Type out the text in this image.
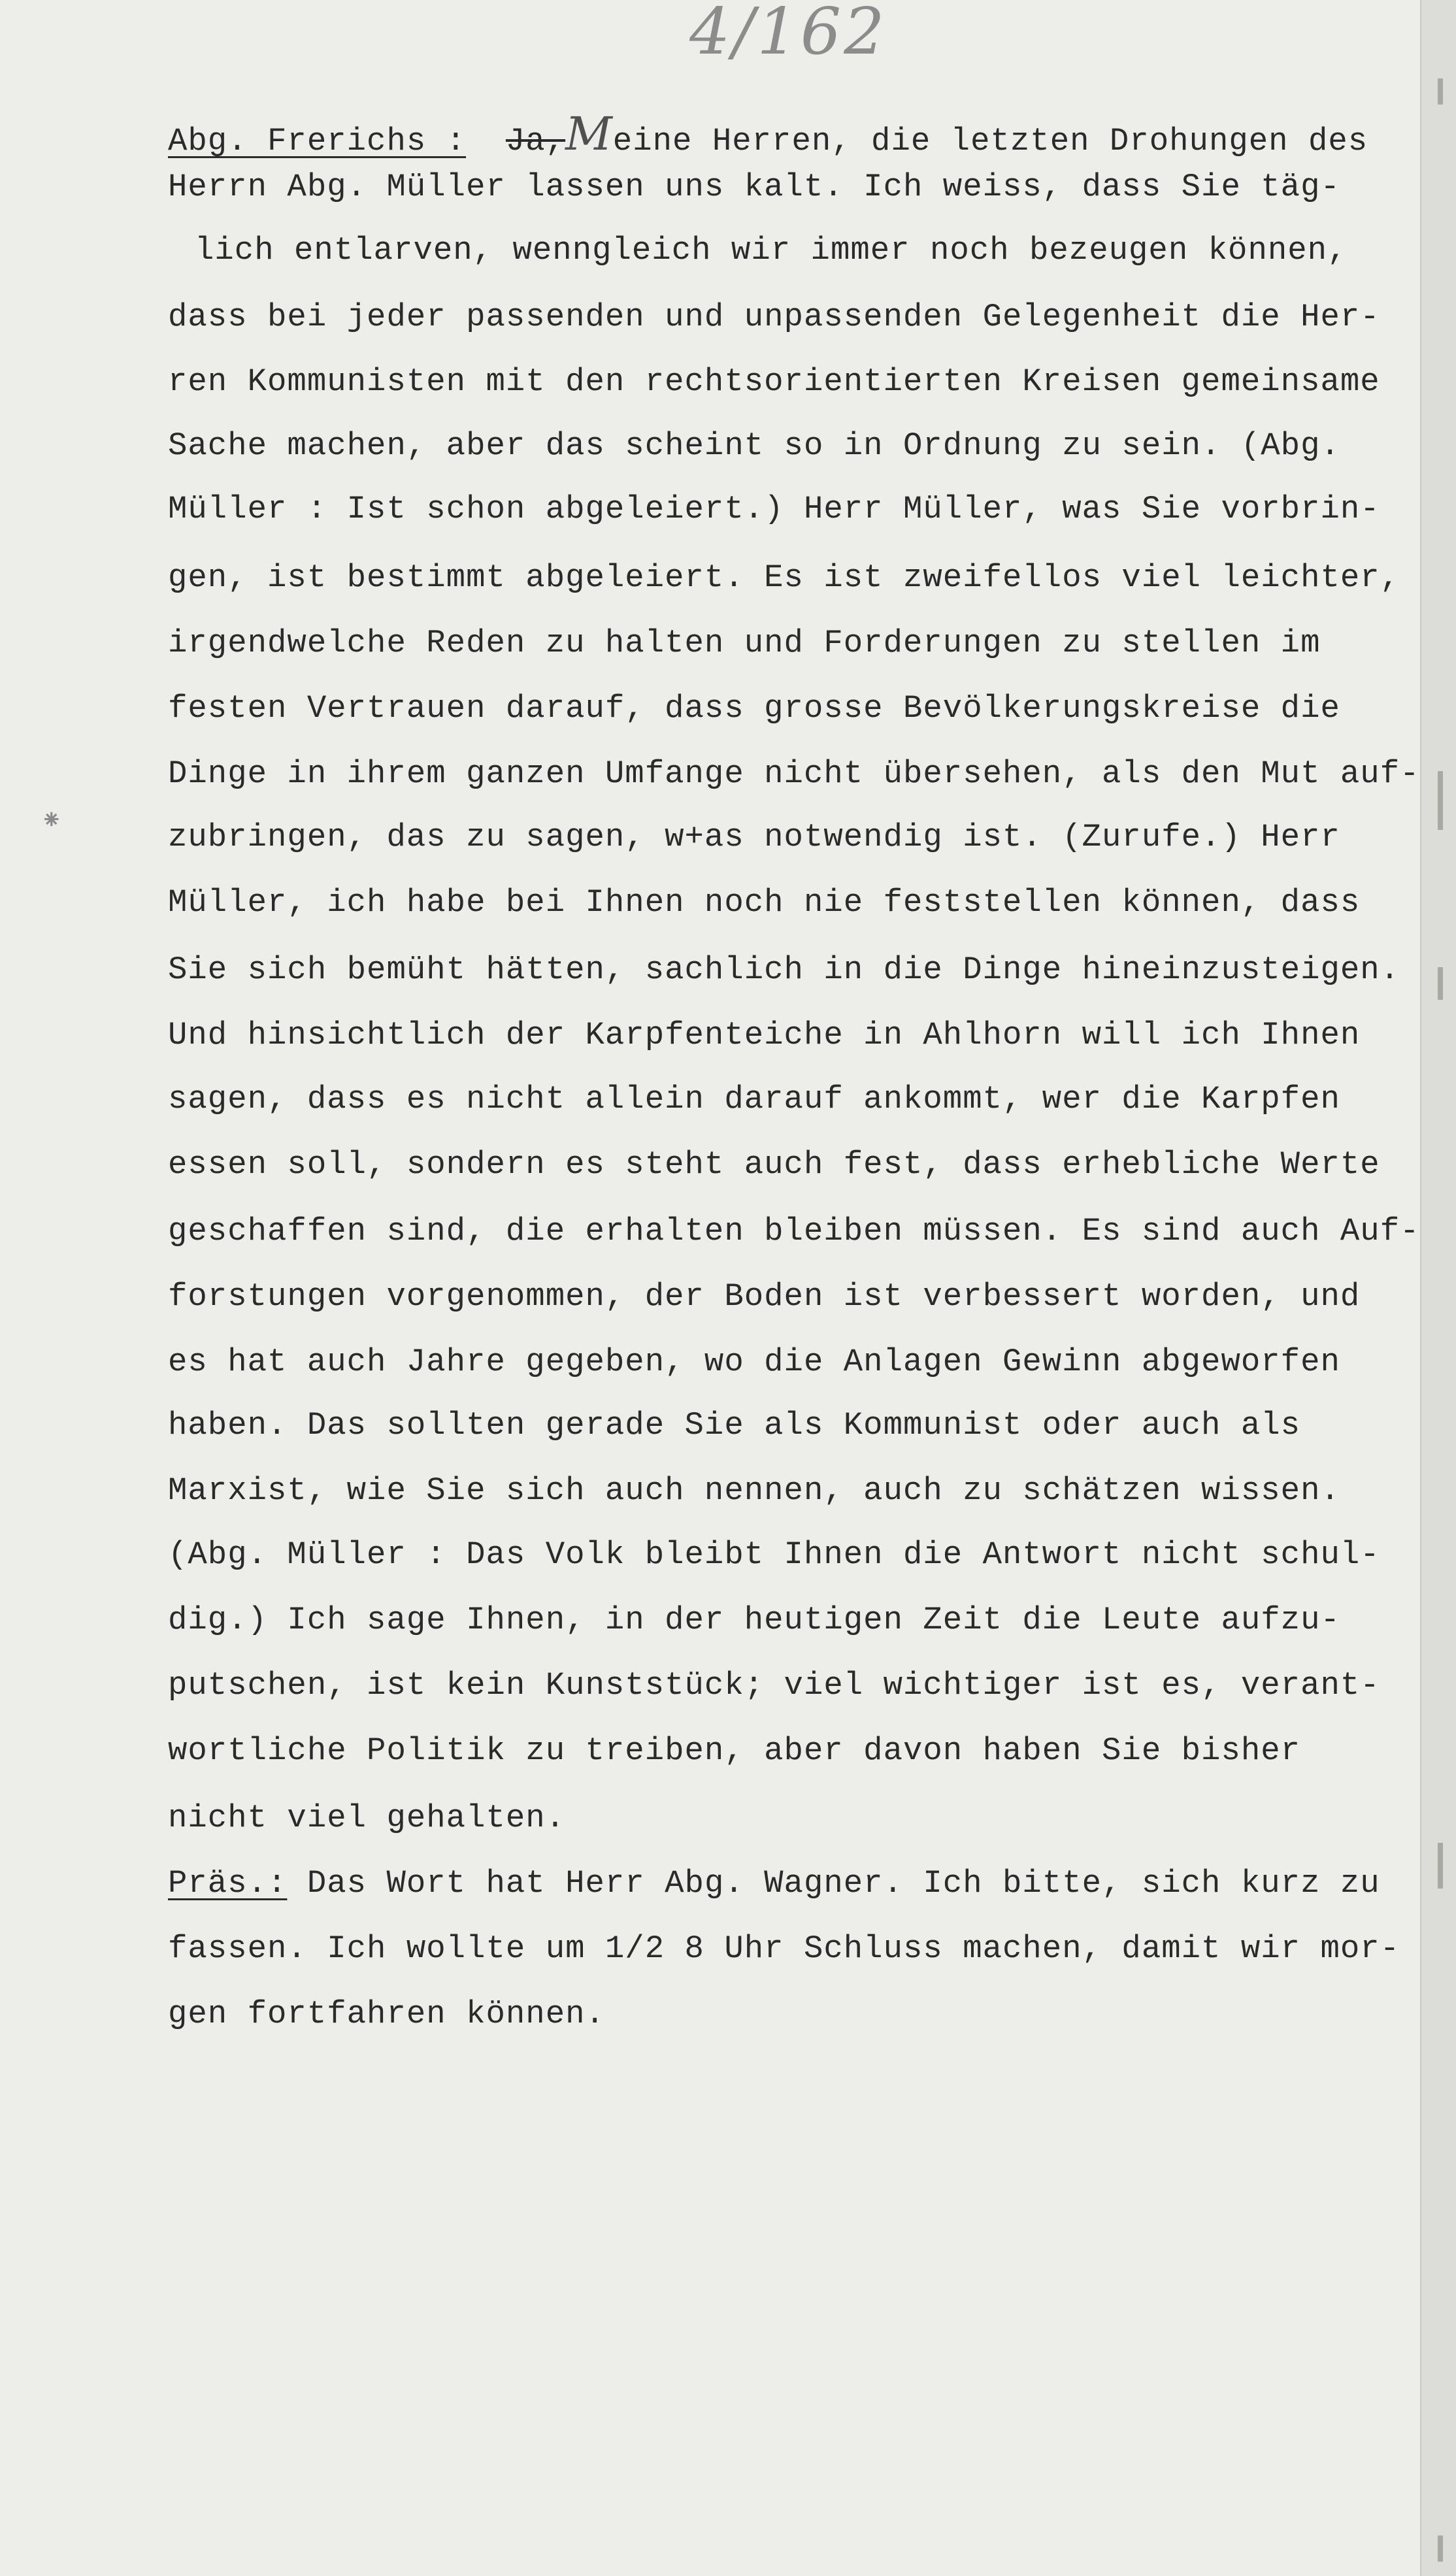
4/162
⁕
Abg. Frerichs : Ja,Meine Herren, die letzten Drohungen des
Herrn Abg. Müller lassen uns kalt. Ich weiss, dass Sie täg-
lich entlarven, wenngleich wir immer noch bezeugen können,
dass bei jeder passenden und unpassenden Gelegenheit die Her-
ren Kommunisten mit den rechtsorientierten Kreisen gemeinsame
Sache machen, aber das scheint so in Ordnung zu sein. (Abg.
Müller : Ist schon abgeleiert.) Herr Müller, was Sie vorbrin-
gen, ist bestimmt abgeleiert. Es ist zweifellos viel leichter,
irgendwelche Reden zu halten und Forderungen zu stellen im
festen Vertrauen darauf, dass grosse Bevölkerungskreise die
Dinge in ihrem ganzen Umfange nicht übersehen, als den Mut auf-
zubringen, das zu sagen, w+as notwendig ist. (Zurufe.) Herr
Müller, ich habe bei Ihnen noch nie feststellen können, dass
Sie sich bemüht hätten, sachlich in die Dinge hineinzusteigen.
Und hinsichtlich der Karpfenteiche in Ahlhorn will ich Ihnen
sagen, dass es nicht allein darauf ankommt, wer die Karpfen
essen soll, sondern es steht auch fest, dass erhebliche Werte
geschaffen sind, die erhalten bleiben müssen. Es sind auch Auf-
forstungen vorgenommen, der Boden ist verbessert worden, und
es hat auch Jahre gegeben, wo die Anlagen Gewinn abgeworfen
haben. Das sollten gerade Sie als Kommunist oder auch als
Marxist, wie Sie sich auch nennen, auch zu schätzen wissen.
(Abg. Müller : Das Volk bleibt Ihnen die Antwort nicht schul-
dig.) Ich sage Ihnen, in der heutigen Zeit die Leute aufzu-
putschen, ist kein Kunststück; viel wichtiger ist es, verant-
wortliche Politik zu treiben, aber davon haben Sie bisher
nicht viel gehalten.
Präs.: Das Wort hat Herr Abg. Wagner. Ich bitte, sich kurz zu
fassen. Ich wollte um 1/2 8 Uhr Schluss machen, damit wir mor-
gen fortfahren können.
